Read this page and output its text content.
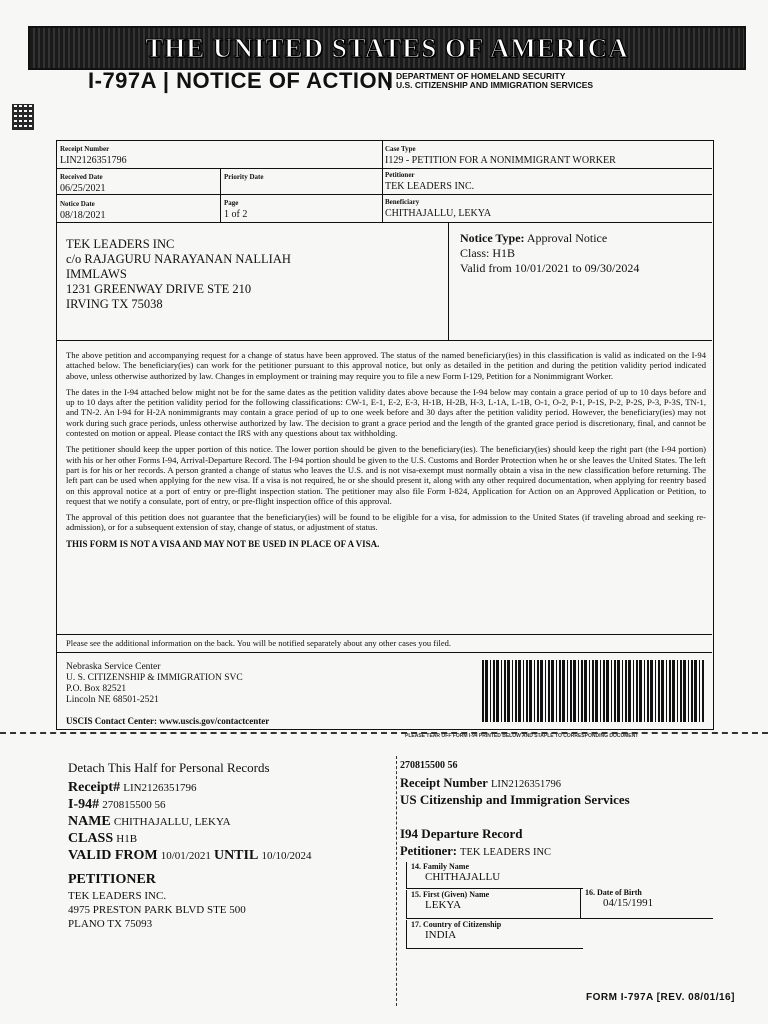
THE UNITED STATES OF AMERICA
I-797A | NOTICE OF ACTION DEPARTMENT OF HOMELAND SECURITY
U.S. CITIZENSHIP AND IMMIGRATION SERVICES
Receipt Number
LIN2126351796
Case Type
I129 - PETITION FOR A NONIMMIGRANT WORKER
Received Date
06/25/2021
Priority Date	Petitioner
TEK LEADERS INC.
Notice Date
08/18/2021
Page
1 of 2
Beneficiary
CHITHAJALLU, LEKYA
TEK LEADERS INC
c/o RAJAGURU NARAYANAN NALLIAH
IMMLAWS
1231 GREENWAY DRIVE STE 210
IRVING TX 75038
Notice Type: Approval Notice
Class: H1B
Valid from 10/01/2021 to 09/30/2024

The above petition and accompanying request for a change of status have been approved. The status of the named beneficiary(ies) in this classification is valid as indicated on the I-94 attached below. The beneficiary(ies) can work for the petitioner pursuant to this approval notice, but only as detailed in the petition and during the petition validity period indicated above, unless otherwise authorized by law. Changes in employment or training may require you to file a new Form I-129, Petition for a Nonimmigrant Worker.

The dates in the I-94 attached below might not be for the same dates as the petition validity dates above because the I-94 below may contain a grace period of up to 10 days before and up to 10 days after the petition validity period for the following classifications: CW-1, E-1, E-2, E-3, H-1B, H-2B, H-3, L-1A, L-1B, O-1, O-2, P-1, P-1S, P-2, P-2S, P-3, P-3S, TN-1, and TN-2. An I-94 for H-2A nonimmigrants may contain a grace period of up to one week before and 30 days after the petition validity period. However, the beneficiary(ies) may not work during such grace periods, unless otherwise authorized by law. The decision to grant a grace period and the length of the granted grace period is discretionary, final, and cannot be contested on motion or appeal. Please contact the IRS with any questions about tax withholding.

The petitioner should keep the upper portion of this notice. The lower portion should be given to the beneficiary(ies). The beneficiary(ies) should keep the right part (the I-94 portion) with his or her other Forms I-94, Arrival-Departure Record. The I-94 portion should be given to the U.S. Customs and Border Protection when he or she leaves the United States. The left part is for his or her records. A person granted a change of status who leaves the U.S. and is not visa-exempt must normally obtain a visa in the new classification before returning. The left part can be used when applying for the new visa. If a visa is not required, he or she should present it, along with any other required documentation, when applying for reentry based on this approval notice at a port of entry or pre-flight inspection station. The petitioner may also file Form I-824, Application for Action on an Approved Application or Petition, to request that we notify a consulate, port of entry, or pre-flight inspection office of this approval.

The approval of this petition does not guarantee that the beneficiary(ies) will be found to be eligible for a visa, for admission to the United States (if traveling abroad and seeking re-admission), or for a subsequent extension of stay, change of status, or adjustment of status.

THIS FORM IS NOT A VISA AND MAY NOT BE USED IN PLACE OF A VISA.

Please see the additional information on the back. You will be notified separately about any other cases you filed.
Nebraska Service Center
U. S. CITIZENSHIP & IMMIGRATION SVC
P.O. Box 82521
Lincoln NE 68501-2521
USCIS Contact Center: www.uscis.gov/contactcenter
PLEASE TEAR OFF FORM I-94 PRINTED BELOW AND STAPLE TO CORRESPONDING DOCUMENT
Detach This Half for Personal Records
Receipt# LIN2126351796
I-94# 270815500 56
NAME CHITHAJALLU, LEKYA
CLASS H1B
VALID FROM 10/01/2021 UNTIL 10/10/2024
PETITIONER
TEK LEADERS INC.
4975 PRESTON PARK BLVD STE 500
PLANO TX 75093
270815500 56
Receipt Number LIN2126351796
US Citizenship and Immigration Services
I94 Departure Record
Petitioner: TEK LEADERS INC
14. Family Name
CHITHAJALLU
15. First (Given) Name
LEKYA
16. Date of Birth
04/15/1991
17. Country of Citizenship
INDIA
FORM I-797A [REV. 08/01/16]
